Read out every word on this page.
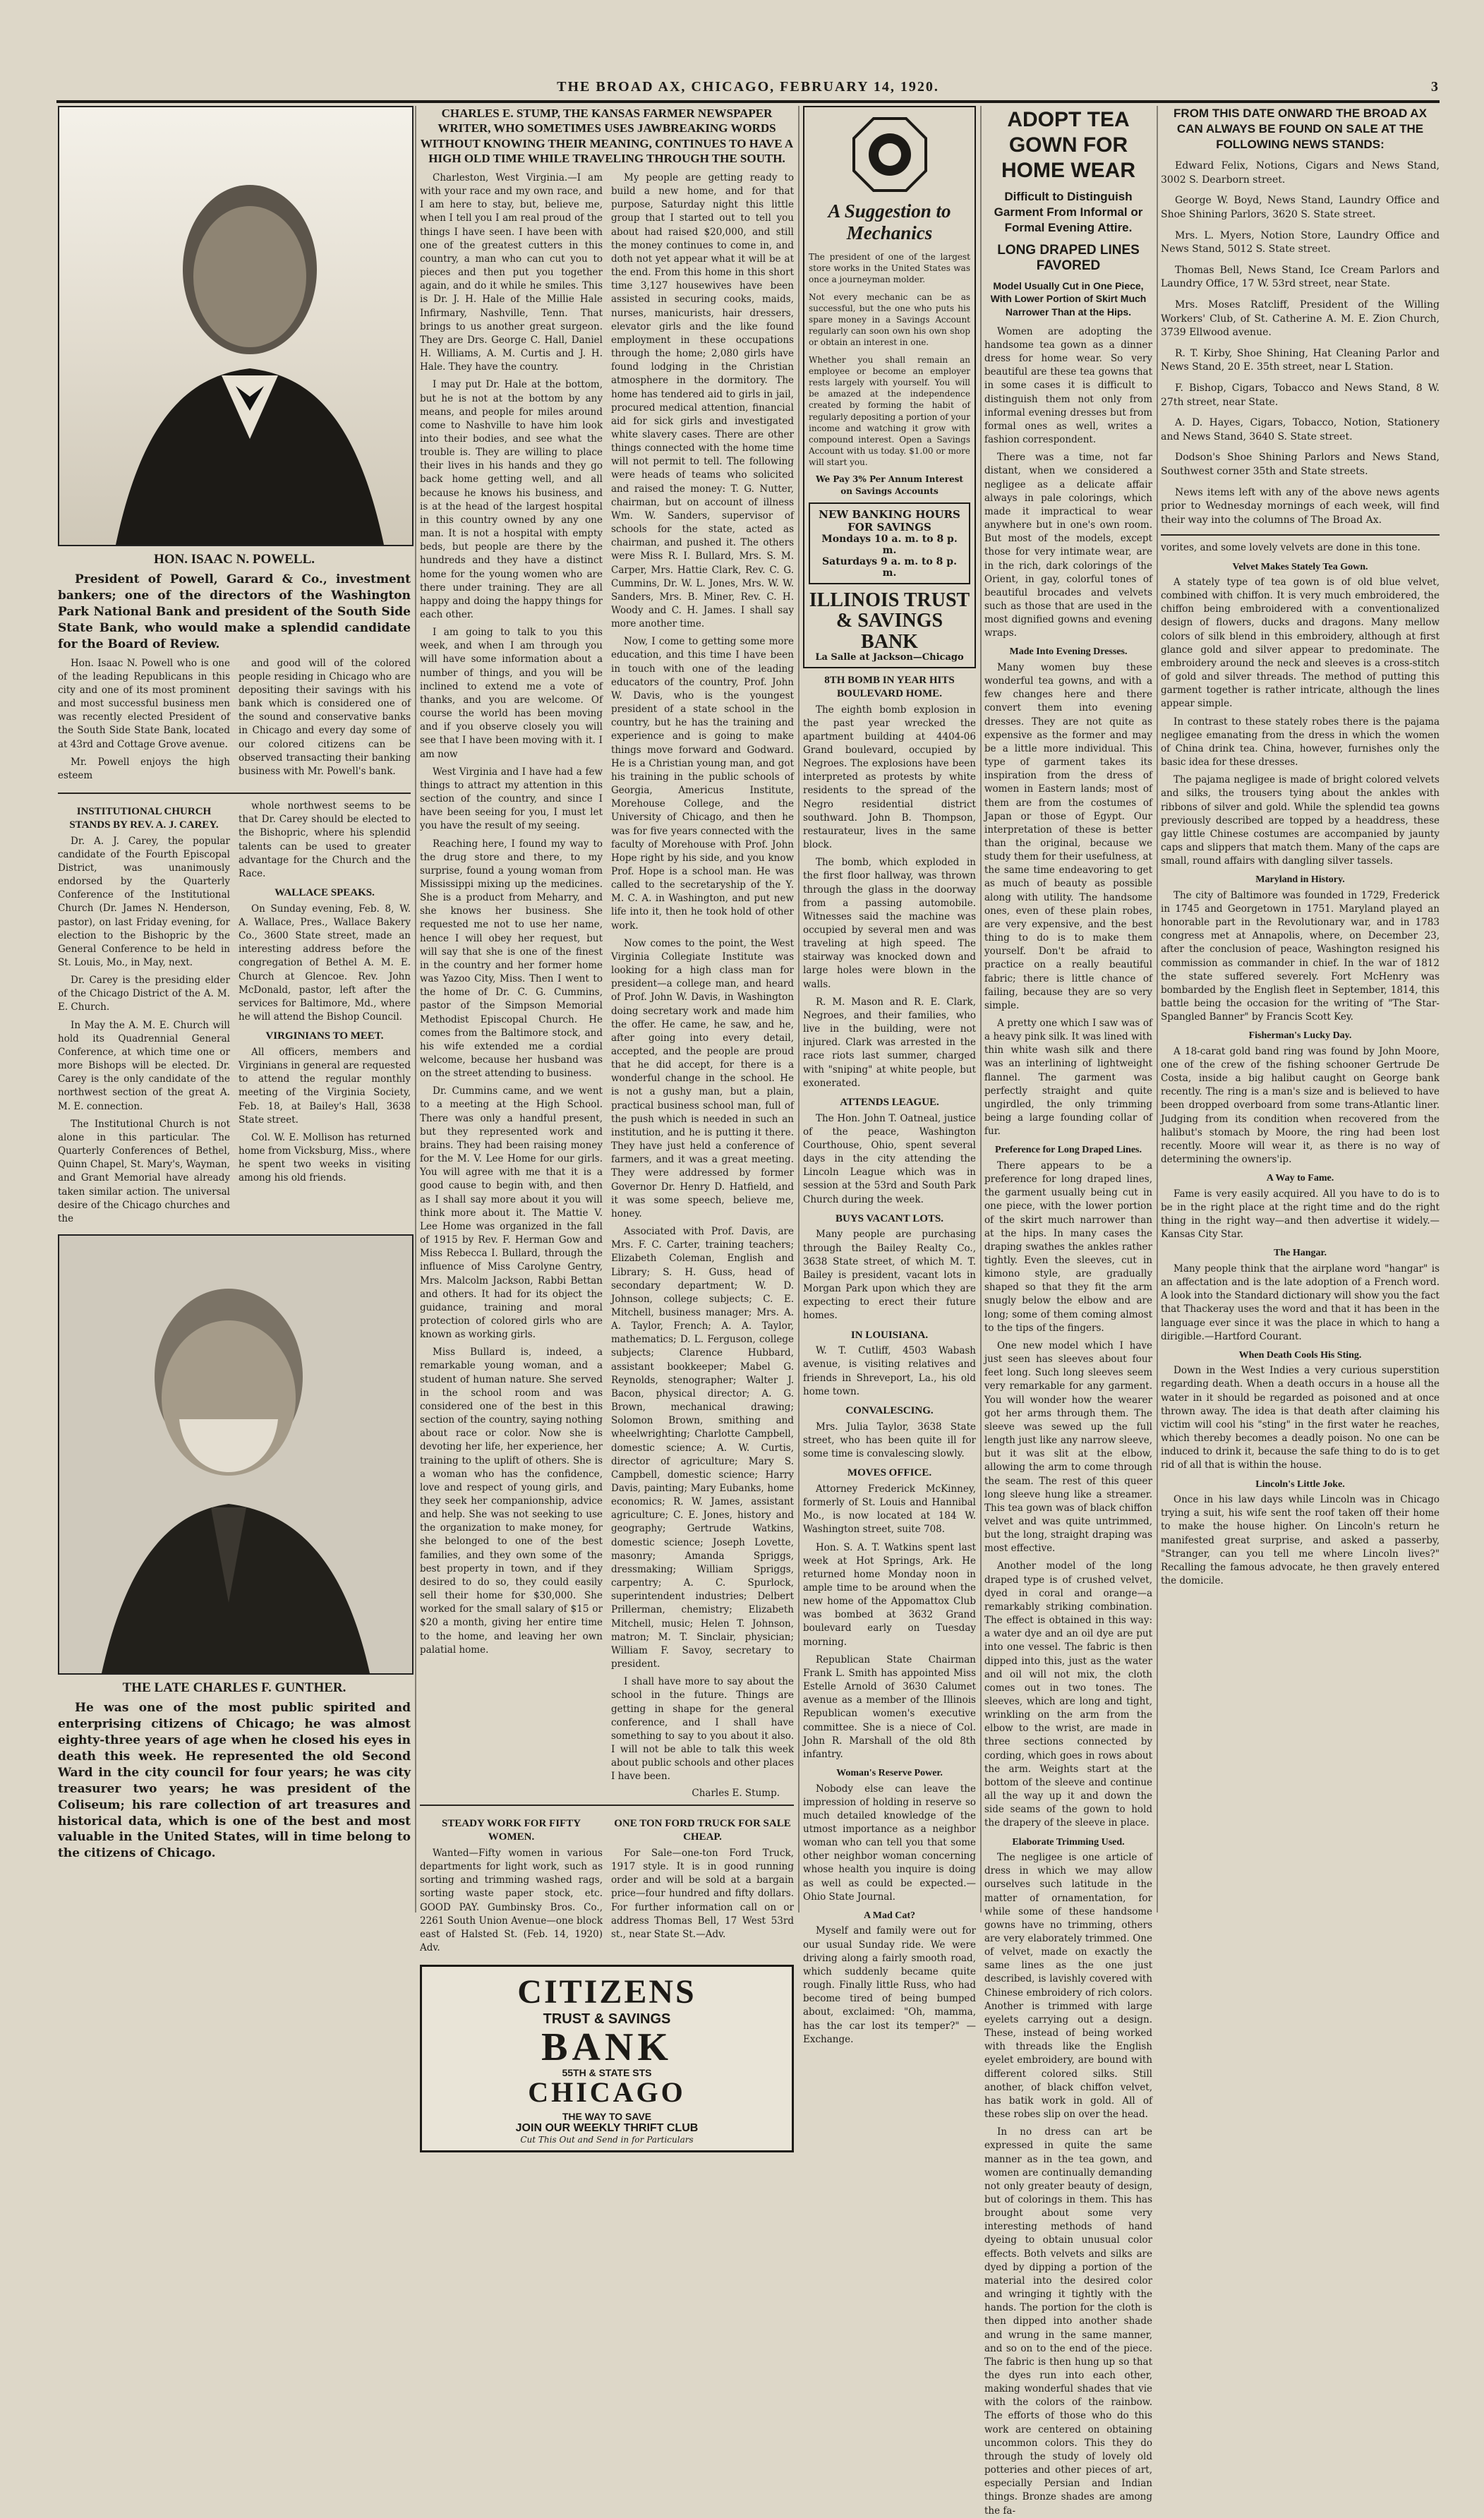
THE BROAD AX, CHICAGO, FEBRUARY 14, 1920.	3
HON. ISAAC N. POWELL.

President of Powell, Garard & Co., investment bankers; one of the directors of the Washington Park National Bank and president of the South Side State Bank, who would make a splendid candidate for the Board of Review.

Hon. Isaac N. Powell who is one of the leading Republicans in this city and one of its most prominent and most successful business men was recently elected President of the South Side State Bank, located at 43rd and Cottage Grove avenue.

Mr. Powell enjoys the high esteem

and good will of the colored people residing in Chicago who are depositing their savings with his bank which is considered one of the sound and conservative banks in Chicago and every day some of our colored citizens can be observed transacting their banking business with Mr. Powell's bank.

INSTITUTIONAL CHURCH STANDS BY REV. A. J. CAREY.

Dr. A. J. Carey, the popular candidate of the Fourth Episcopal District, was unanimously endorsed by the Quarterly Conference of the Institutional Church (Dr. James N. Henderson, pastor), on last Friday evening, for election to the Bishopric by the General Conference to be held in St. Louis, Mo., in May, next.

Dr. Carey is the presiding elder of the Chicago District of the A. M. E. Church.

In May the A. M. E. Church will hold its Quadrennial General Conference, at which time one or more Bishops will be elected. Dr. Carey is the only candidate of the northwest section of the great A. M. E. connection.

The Institutional Church is not alone in this particular. The Quarterly Conferences of Bethel, Quinn Chapel, St. Mary's, Wayman, and Grant Memorial have already taken similar action. The universal desire of the Chicago churches and the

whole northwest seems to be that Dr. Carey should be elected to the Bishopric, where his splendid talents can be used to greater advantage for the Church and the Race.

WALLACE SPEAKS.

On Sunday evening, Feb. 8, W. A. Wallace, Pres., Wallace Bakery Co., 3600 State street, made an interesting address before the congregation of Bethel A. M. E. Church at Glencoe. Rev. John McDonald, pastor, left after the services for Baltimore, Md., where he will attend the Bishop Council.

VIRGINIANS TO MEET.

All officers, members and Virginians in general are requested to attend the regular monthly meeting of the Virginia Society, Feb. 18, at Bailey's Hall, 3638 State street.

Col. W. E. Mollison has returned home from Vicksburg, Miss., where he spent two weeks in visiting among his old friends.

THE LATE CHARLES F. GUNTHER.

He was one of the most public spirited and enterprising citizens of Chicago; he was almost eighty-three years of age when he closed his eyes in death this week. He represented the old Second Ward in the city council for four years; he was city treasurer two years; he was president of the Coliseum; his rare collection of art treasures and historical data, which is one of the best and most valuable in the United States, will in time belong to the citizens of Chicago.

CHARLES E. STUMP, THE KANSAS FARMER NEWSPAPER WRITER, WHO SOMETIMES USES JAWBREAKING WORDS WITHOUT KNOWING THEIR MEANING, CONTINUES TO HAVE A HIGH OLD TIME WHILE TRAVELING THROUGH THE SOUTH.

Charleston, West Virginia.—I am with your race and my own race, and I am here to stay, but, believe me, when I tell you I am real proud of the things I have seen. I have been with one of the greatest cutters in this country, a man who can cut you to pieces and then put you together again, and do it while he smiles. This is Dr. J. H. Hale of the Millie Hale Infirmary, Nashville, Tenn. That brings to us another great surgeon. They are Drs. George C. Hall, Daniel H. Williams, A. M. Curtis and J. H. Hale. They have the country.

I may put Dr. Hale at the bottom, but he is not at the bottom by any means, and people for miles around come to Nashville to have him look into their bodies, and see what the trouble is. They are willing to place their lives in his hands and they go back home getting well, and all because he knows his business, and is at the head of the largest hospital in this country owned by any one man. It is not a hospital with empty beds, but people are there by the hundreds and they have a distinct home for the young women who are there under training. They are all happy and doing the happy things for each other.

I am going to talk to you this week, and when I am through you will have some information about a number of things, and you will be inclined to extend me a vote of thanks, and you are welcome. Of course the world has been moving and if you observe closely you will see that I have been moving with it. I am now

West Virginia and I have had a few things to attract my attention in this section of the country, and since I have been seeing for you, I must let you have the result of my seeing.

Reaching here, I found my way to the drug store and there, to my surprise, found a young woman from Mississippi mixing up the medicines. She is a product from Meharry, and she knows her business. She requested me not to use her name, hence I will obey her request, but will say that she is one of the finest in the country and her former home was Yazoo City, Miss. Then I went to the home of Dr. C. G. Cummins, pastor of the Simpson Memorial Methodist Episcopal Church. He comes from the Baltimore stock, and his wife extended me a cordial welcome, because her husband was on the street attending to business.

Dr. Cummins came, and we went to a meeting at the High School. There was only a handful present, but they represented work and brains. They had been raising money for the M. V. Lee Home for our girls. You will agree with me that it is a good cause to begin with, and then as I shall say more about it you will think more about it. The Mattie V. Lee Home was organized in the fall of 1915 by Rev. F. Herman Gow and Miss Rebecca I. Bullard, through the influence of Miss Carolyne Gentry, Mrs. Malcolm Jackson, Rabbi Bettan and others. It had for its object the guidance, training and moral protection of colored girls who are known as working girls.

Miss Bullard is, indeed, a remarkable young woman, and a student of human nature. She served in the school room and was considered one of the best in this section of the country, saying nothing about race or color. Now she is devoting her life, her experience, her training to the uplift of others. She is a woman who has the confidence, love and respect of young girls, and they seek her companionship, advice and help. She was not seeking to use the organization to make money, for she belonged to one of the best families, and they own some of the best property in town, and if they desired to do so, they could easily sell their home for $30,000. She worked for the small salary of $15 or $20 a month, giving her entire time to the home, and leaving her own palatial home.

My people are getting ready to build a new home, and for that purpose, Saturday night this little group that I started out to tell you about had raised $20,000, and still the money continues to come in, and doth not yet appear what it will be at the end. From this home in this short time 3,127 housewives have been assisted in securing cooks, maids, nurses, manicurists, hair dressers, elevator girls and the like found employment in these occupations through the home; 2,080 girls have found lodging in the Christian atmosphere in the dormitory. The home has tendered aid to girls in jail, procured medical attention, financial aid for sick girls and investigated white slavery cases. There are other things connected with the home time will not permit to tell. The following were heads of teams who solicited and raised the money: T. G. Nutter, chairman, but on account of illness Wm. W. Sanders, supervisor of schools for the state, acted as chairman, and pushed it. The others were Miss R. I. Bullard, Mrs. S. M. Carper, Mrs. Hattie Clark, Rev. C. G. Cummins, Dr. W. L. Jones, Mrs. W. W. Sanders, Mrs. B. Miner, Rev. C. H. Woody and C. H. James. I shall say more another time.

Now, I come to getting some more education, and this time I have been in touch with one of the leading educators of the country, Prof. John W. Davis, who is the youngest president of a state school in the country, but he has the training and experience and is going to make things move forward and Godward. He is a Christian young man, and got his training in the public schools of Georgia, Americus Institute, Morehouse College, and the University of Chicago, and then he was for five years connected with the faculty of Morehouse with Prof. John Hope right by his side, and you know Prof. Hope is a school man. He was called to the secretaryship of the Y. M. C. A. in Washington, and put new life into it, then he took hold of other work.

Now comes to the point, the West Virginia Collegiate Institute was looking for a high class man for president—a college man, and heard of Prof. John W. Davis, in Washington doing secretary work and made him the offer. He came, he saw, and he, after going into every detail, accepted, and the people are proud that he did accept, for there is a wonderful change in the school. He is not a gushy man, but a plain, practical business school man, full of the push which is needed in such an institution, and he is putting it there. They have just held a conference of farmers, and it was a great meeting. They were addressed by former Governor Dr. Henry D. Hatfield, and it was some speech, believe me, honey.

Associated with Prof. Davis, are Mrs. F. C. Carter, training teachers; Elizabeth Coleman, English and Library; S. H. Guss, head of secondary department; W. D. Johnson, college subjects; C. E. Mitchell, business manager; Mrs. A. A. Taylor, French; A. A. Taylor, mathematics; D. L. Ferguson, college subjects; Clarence Hubbard, assistant bookkeeper; Mabel G. Reynolds, stenographer; Walter J. Bacon, physical director; A. G. Brown, mechanical drawing; Solomon Brown, smithing and wheelwrighting; Charlotte Campbell, domestic science; A. W. Curtis, director of agriculture; Mary S. Campbell, domestic science; Harry Davis, painting; Mary Eubanks, home economics; R. W. James, assistant agriculture; C. E. Jones, history and geography; Gertrude Watkins, domestic science; Joseph Lovette, masonry; Amanda Spriggs, dressmaking; William Spriggs, carpentry; A. C. Spurlock, superintendent industries; Delbert Prillerman, chemistry; Elizabeth Mitchell, music; Helen T. Johnson, matron; M. T. Sinclair, physician; William F. Savoy, secretary to president.

I shall have more to say about the school in the future. Things are getting in shape for the general conference, and I shall have something to say to you about it also. I will not be able to talk this week about public schools and other places I have been.

Charles E. Stump.
STEADY WORK FOR FIFTY WOMEN.

Wanted—Fifty women in various departments for light work, such as sorting and trimming washed rags, sorting waste paper stock, etc. GOOD PAY. Gumbinsky Bros. Co., 2261 South Union Avenue—one block east of Halsted St. (Feb. 14, 1920) Adv.

ONE TON FORD TRUCK FOR SALE CHEAP.

For Sale—one-ton Ford Truck, 1917 style. It is in good running order and will be sold at a bargain price—four hundred and fifty dollars. For further information call on or address Thomas Bell, 17 West 53rd st., near State St.—Adv.

CITIZENS
TRUST & SAVINGS
BANK
55TH & STATE STS
CHICAGO
THE WAY TO SAVE
JOIN OUR WEEKLY THRIFT CLUB
Cut This Out and Send in for Particulars
A Suggestion to Mechanics

The president of one of the largest store works in the United States was once a journeyman molder.

Not every mechanic can be as successful, but the one who puts his spare money in a Savings Account regularly can soon own his own shop or obtain an interest in one.

Whether you shall remain an employee or become an employer rests largely with yourself. You will be amazed at the independence created by forming the habit of regularly depositing a portion of your income and watching it grow with compound interest. Open a Savings Account with us today. $1.00 or more will start you.

We Pay 3% Per Annum Interest on Savings Accounts

NEW BANKING HOURS FOR SAVINGS
Mondays 10 a. m. to 8 p. m.
Saturdays 9 a. m. to 8 p. m.
ILLINOIS TRUST & SAVINGS BANK
La Salle at Jackson—Chicago
8TH BOMB IN YEAR HITS BOULEVARD HOME.

The eighth bomb explosion in the past year wrecked the apartment building at 4404-06 Grand boulevard, occupied by Negroes. The explosions have been interpreted as protests by white residents to the spread of the Negro residential district southward. John B. Thompson, restaurateur, lives in the same block.

The bomb, which exploded in the first floor hallway, was thrown through the glass in the doorway from a passing automobile. Witnesses said the machine was occupied by several men and was traveling at high speed. The stairway was knocked down and large holes were blown in the walls.

R. M. Mason and R. E. Clark, Negroes, and their families, who live in the building, were not injured. Clark was arrested in the race riots last summer, charged with "sniping" at white people, but exonerated.

ATTENDS LEAGUE.

The Hon. John T. Oatneal, justice of the peace, Washington Courthouse, Ohio, spent several days in the city attending the Lincoln League which was in session at the 53rd and South Park Church during the week.

BUYS VACANT LOTS.

Many people are purchasing through the Bailey Realty Co., 3638 State street, of which M. T. Bailey is president, vacant lots in Morgan Park upon which they are expecting to erect their future homes.

IN LOUISIANA.

W. T. Cutliff, 4503 Wabash avenue, is visiting relatives and friends in Shreveport, La., his old home town.

CONVALESCING.

Mrs. Julia Taylor, 3638 State street, who has been quite ill for some time is convalescing slowly.

MOVES OFFICE.

Attorney Frederick McKinney, formerly of St. Louis and Hannibal Mo., is now located at 184 W. Washington street, suite 708.

Hon. S. A. T. Watkins spent last week at Hot Springs, Ark. He returned home Monday noon in ample time to be around when the new home of the Appomattox Club was bombed at 3632 Grand boulevard early on Tuesday morning.

Republican State Chairman Frank L. Smith has appointed Miss Estelle Arnold of 3630 Calumet avenue as a member of the Illinois Republican women's executive committee. She is a niece of Col. John R. Marshall of the old 8th infantry.

Woman's Reserve Power.

Nobody else can leave the impression of holding in reserve so much detailed knowledge of the utmost importance as a neighbor woman who can tell you that some other neighbor woman concerning whose health you inquire is doing as well as could be expected.—Ohio State Journal.

A Mad Cat?

Myself and family were out for our usual Sunday ride. We were driving along a fairly smooth road, which suddenly became quite rough. Finally little Russ, who had become tired of being bumped about, exclaimed: "Oh, mamma, has the car lost its temper?" —Exchange.

ADOPT TEA GOWN FOR HOME WEAR
Difficult to Distinguish Garment From Informal or Formal Evening Attire.
LONG DRAPED LINES FAVORED
Model Usually Cut in One Piece, With Lower Portion of Skirt Much Narrower Than at the Hips.

Women are adopting the handsome tea gown as a dinner dress for home wear. So very beautiful are these tea gowns that in some cases it is difficult to distinguish them not only from informal evening dresses but from formal ones as well, writes a fashion correspondent.

There was a time, not far distant, when we considered a negligee as a delicate affair always in pale colorings, which made it impractical to wear anywhere but in one's own room. But most of the models, except those for very intimate wear, are in the rich, dark colorings of the Orient, in gay, colorful tones of beautiful brocades and velvets such as those that are used in the most dignified gowns and evening wraps.

Made Into Evening Dresses.

Many women buy these wonderful tea gowns, and with a few changes here and there convert them into evening dresses. They are not quite as expensive as the former and may be a little more individual. This type of garment takes its inspiration from the dress of women in Eastern lands; most of them are from the costumes of Japan or those of Egypt. Our interpretation of these is better than the original, because we study them for their usefulness, at the same time endeavoring to get as much of beauty as possible along with utility. The handsome ones, even of these plain robes, are very expensive, and the best thing to do is to make them yourself. Don't be afraid to practice on a really beautiful fabric; there is little chance of failing, because they are so very simple.

A pretty one which I saw was of a heavy pink silk. It was lined with thin white wash silk and there was an interlining of lightweight flannel. The garment was perfectly straight and quite ungirdled, the only trimming being a large founding collar of fur.

Preference for Long Draped Lines.

There appears to be a preference for long draped lines, the garment usually being cut in one piece, with the lower portion of the skirt much narrower than at the hips. In many cases the draping swathes the ankles rather tightly. Even the sleeves, cut in kimono style, are gradually shaped so that they fit the arm snugly below the elbow and are long; some of them coming almost to the tips of the fingers.

One new model which I have just seen has sleeves about four feet long. Such long sleeves seem very remarkable for any garment. You will wonder how the wearer got her arms through them. The sleeve was sewed up the full length just like any narrow sleeve, but it was slit at the elbow, allowing the arm to come through the seam. The rest of this queer long sleeve hung like a streamer. This tea gown was of black chiffon velvet and was quite untrimmed, but the long, straight draping was most effective.

Another model of the long draped type is of crushed velvet, dyed in coral and orange—a remarkably striking combination. The effect is obtained in this way: a water dye and an oil dye are put into one vessel. The fabric is then dipped into this, just as the water and oil will not mix, the cloth comes out in two tones. The sleeves, which are long and tight, wrinkling on the arm from the elbow to the wrist, are made in three sections connected by cording, which goes in rows about the arm. Weights start at the bottom of the sleeve and continue all the way up it and down the side seams of the gown to hold the drapery of the sleeve in place.

Elaborate Trimming Used.

The negligee is one article of dress in which we may allow ourselves such latitude in the matter of ornamentation, for while some of these handsome gowns have no trimming, others are very elaborately trimmed. One of velvet, made on exactly the same lines as the one just described, is lavishly covered with Chinese embroidery of rich colors. Another is trimmed with large eyelets carrying out a design. These, instead of being worked with threads like the English eyelet embroidery, are bound with different colored silks. Still another, of black chiffon velvet, has batik work in gold. All of these robes slip on over the head.

In no dress can art be expressed in quite the same manner as in the tea gown, and women are continually demanding not only greater beauty of design, but of colorings in them. This has brought about some very interesting methods of hand dyeing to obtain unusual color effects. Both velvets and silks are dyed by dipping a portion of the material into the desired color and wringing it tightly with the hands. The portion for the cloth is then dipped into another shade and wrung in the same manner, and so on to the end of the piece. The fabric is then hung up so that the dyes run into each other, making wonderful shades that vie with the colors of the rainbow. The efforts of those who do this work are centered on obtaining uncommon colors. This they do through the study of lovely old potteries and other pieces of art, especially Persian and Indian things. Bronze shades are among the fa-

FROM THIS DATE ONWARD THE BROAD AX CAN ALWAYS BE FOUND ON SALE AT THE FOLLOWING NEWS STANDS:

Edward Felix, Notions, Cigars and News Stand, 3002 S. Dearborn street.

George W. Boyd, News Stand, Laundry Office and Shoe Shining Parlors, 3620 S. State street.

Mrs. L. Myers, Notion Store, Laundry Office and News Stand, 5012 S. State street.

Thomas Bell, News Stand, Ice Cream Parlors and Laundry Office, 17 W. 53rd street, near State.

Mrs. Moses Ratcliff, President of the Willing Workers' Club, of St. Catherine A. M. E. Zion Church, 3739 Ellwood avenue.

R. T. Kirby, Shoe Shining, Hat Cleaning Parlor and News Stand, 20 E. 35th street, near L Station.

F. Bishop, Cigars, Tobacco and News Stand, 8 W. 27th street, near State.

A. D. Hayes, Cigars, Tobacco, Notion, Stationery and News Stand, 3640 S. State street.

Dodson's Shoe Shining Parlors and News Stand, Southwest corner 35th and State streets.

News items left with any of the above news agents prior to Wednesday mornings of each week, will find their way into the columns of The Broad Ax.

vorites, and some lovely velvets are done in this tone.

Velvet Makes Stately Tea Gown.

A stately type of tea gown is of old blue velvet, combined with chiffon. It is very much embroidered, the chiffon being embroidered with a conventionalized design of flowers, ducks and dragons. Many mellow colors of silk blend in this embroidery, although at first glance gold and silver appear to predominate. The embroidery around the neck and sleeves is a cross-stitch of gold and silver threads. The method of putting this garment together is rather intricate, although the lines appear simple.

In contrast to these stately robes there is the pajama negligee emanating from the dress in which the women of China drink tea. China, however, furnishes only the basic idea for these dresses.

The pajama negligee is made of bright colored velvets and silks, the trousers tying about the ankles with ribbons of silver and gold. While the splendid tea gowns previously described are topped by a headdress, these gay little Chinese costumes are accompanied by jaunty caps and slippers that match them. Many of the caps are small, round affairs with dangling silver tassels.

Maryland in History.

The city of Baltimore was founded in 1729, Frederick in 1745 and Georgetown in 1751. Maryland played an honorable part in the Revolutionary war, and in 1783 congress met at Annapolis, where, on December 23, after the conclusion of peace, Washington resigned his commission as commander in chief. In the war of 1812 the state suffered severely. Fort McHenry was bombarded by the English fleet in September, 1814, this battle being the occasion for the writing of "The Star-Spangled Banner" by Francis Scott Key.

Fisherman's Lucky Day.

A 18-carat gold band ring was found by John Moore, one of the crew of the fishing schooner Gertrude De Costa, inside a big halibut caught on George bank recently. The ring is a man's size and is believed to have been dropped overboard from some trans-Atlantic liner. Judging from its condition when recovered from the halibut's stomach by Moore, the ring had been lost recently. Moore will wear it, as there is no way of determining the owners'ip.

A Way to Fame.

Fame is very easily acquired. All you have to do is to be in the right place at the right time and do the right thing in the right way—and then advertise it widely.—Kansas City Star.

The Hangar.

Many people think that the airplane word "hangar" is an affectation and is the late adoption of a French word. A look into the Standard dictionary will show you the fact that Thackeray uses the word and that it has been in the language ever since it was the place in which to hang a dirigible.—Hartford Courant.

When Death Cools His Sting.

Down in the West Indies a very curious superstition regarding death. When a death occurs in a house all the water in it should be regarded as poisoned and at once thrown away. The idea is that death after claiming his victim will cool his "sting" in the first water he reaches, which thereby becomes a deadly poison. No one can be induced to drink it, because the safe thing to do is to get rid of all that is within the house.

Lincoln's Little Joke.

Once in his law days while Lincoln was in Chicago trying a suit, his wife sent the roof taken off their home to make the house higher. On Lincoln's return he manifested great surprise, and asked a passerby, "Stranger, can you tell me where Lincoln lives?" Recalling the famous advocate, he then gravely entered the domicile.
